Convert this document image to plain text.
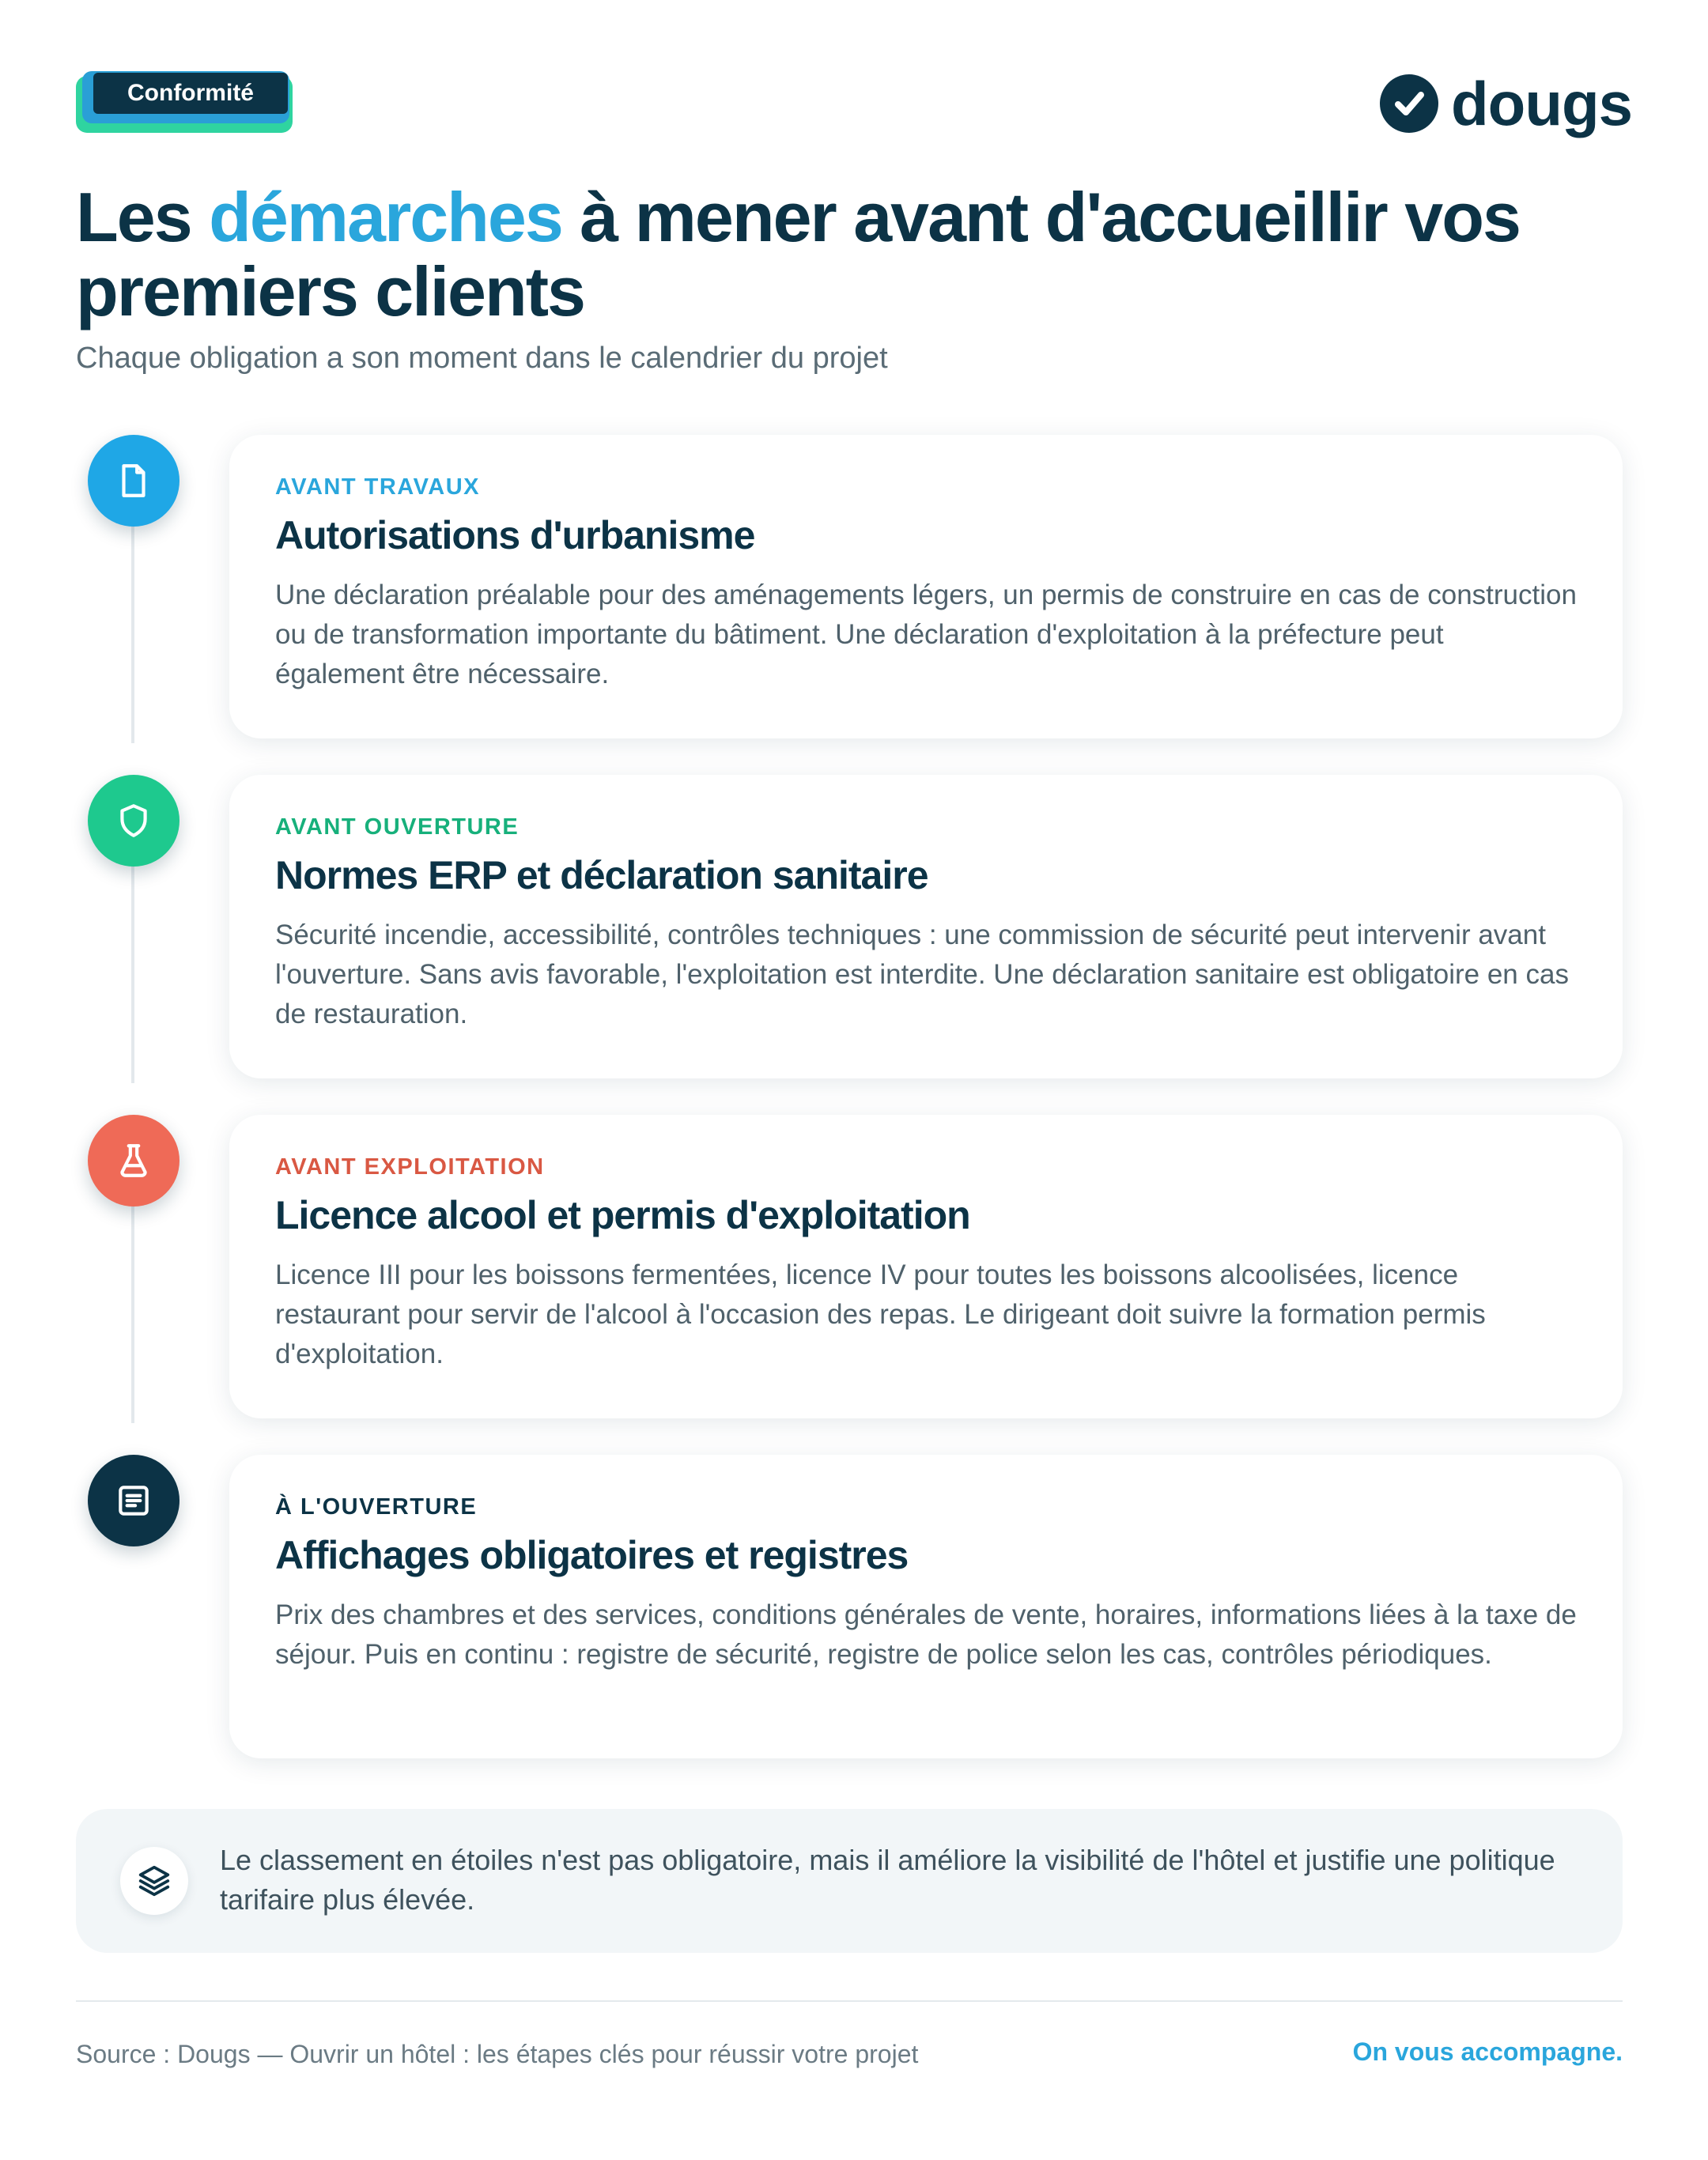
Conformité	dougs
Les démarches à mener avant d'accueillir vos premiers clients
Chaque obligation a son moment dans le calendrier du projet

AVANT TRAVAUX

Autorisations d'urbanisme

Une déclaration préalable pour des aménagements légers, un permis de construire en cas de construction ou de transformation importante du bâtiment. Une déclaration d'exploitation à la préfecture peut également être nécessaire.

AVANT OUVERTURE

Normes ERP et déclaration sanitaire

Sécurité incendie, accessibilité, contrôles techniques : une commission de sécurité peut intervenir avant l'ouverture. Sans avis favorable, l'exploitation est interdite. Une déclaration sanitaire est obligatoire en cas de restauration.

AVANT EXPLOITATION

Licence alcool et permis d'exploitation

Licence III pour les boissons fermentées, licence IV pour toutes les boissons alcoolisées, licence restaurant pour servir de l'alcool à l'occasion des repas. Le dirigeant doit suivre la formation permis d'exploitation.

À L'OUVERTURE

Affichages obligatoires et registres

Prix des chambres et des services, conditions générales de vente, horaires, informations liées à la taxe de séjour. Puis en continu : registre de sécurité, registre de police selon les cas, contrôles périodiques.

Le classement en étoiles n'est pas obligatoire, mais il améliore la visibilité de l'hôtel et justifie une politique tarifaire plus élevée.
Source : Dougs — Ouvrir un hôtel : les étapes clés pour réussir votre projet	On vous accompagne.
